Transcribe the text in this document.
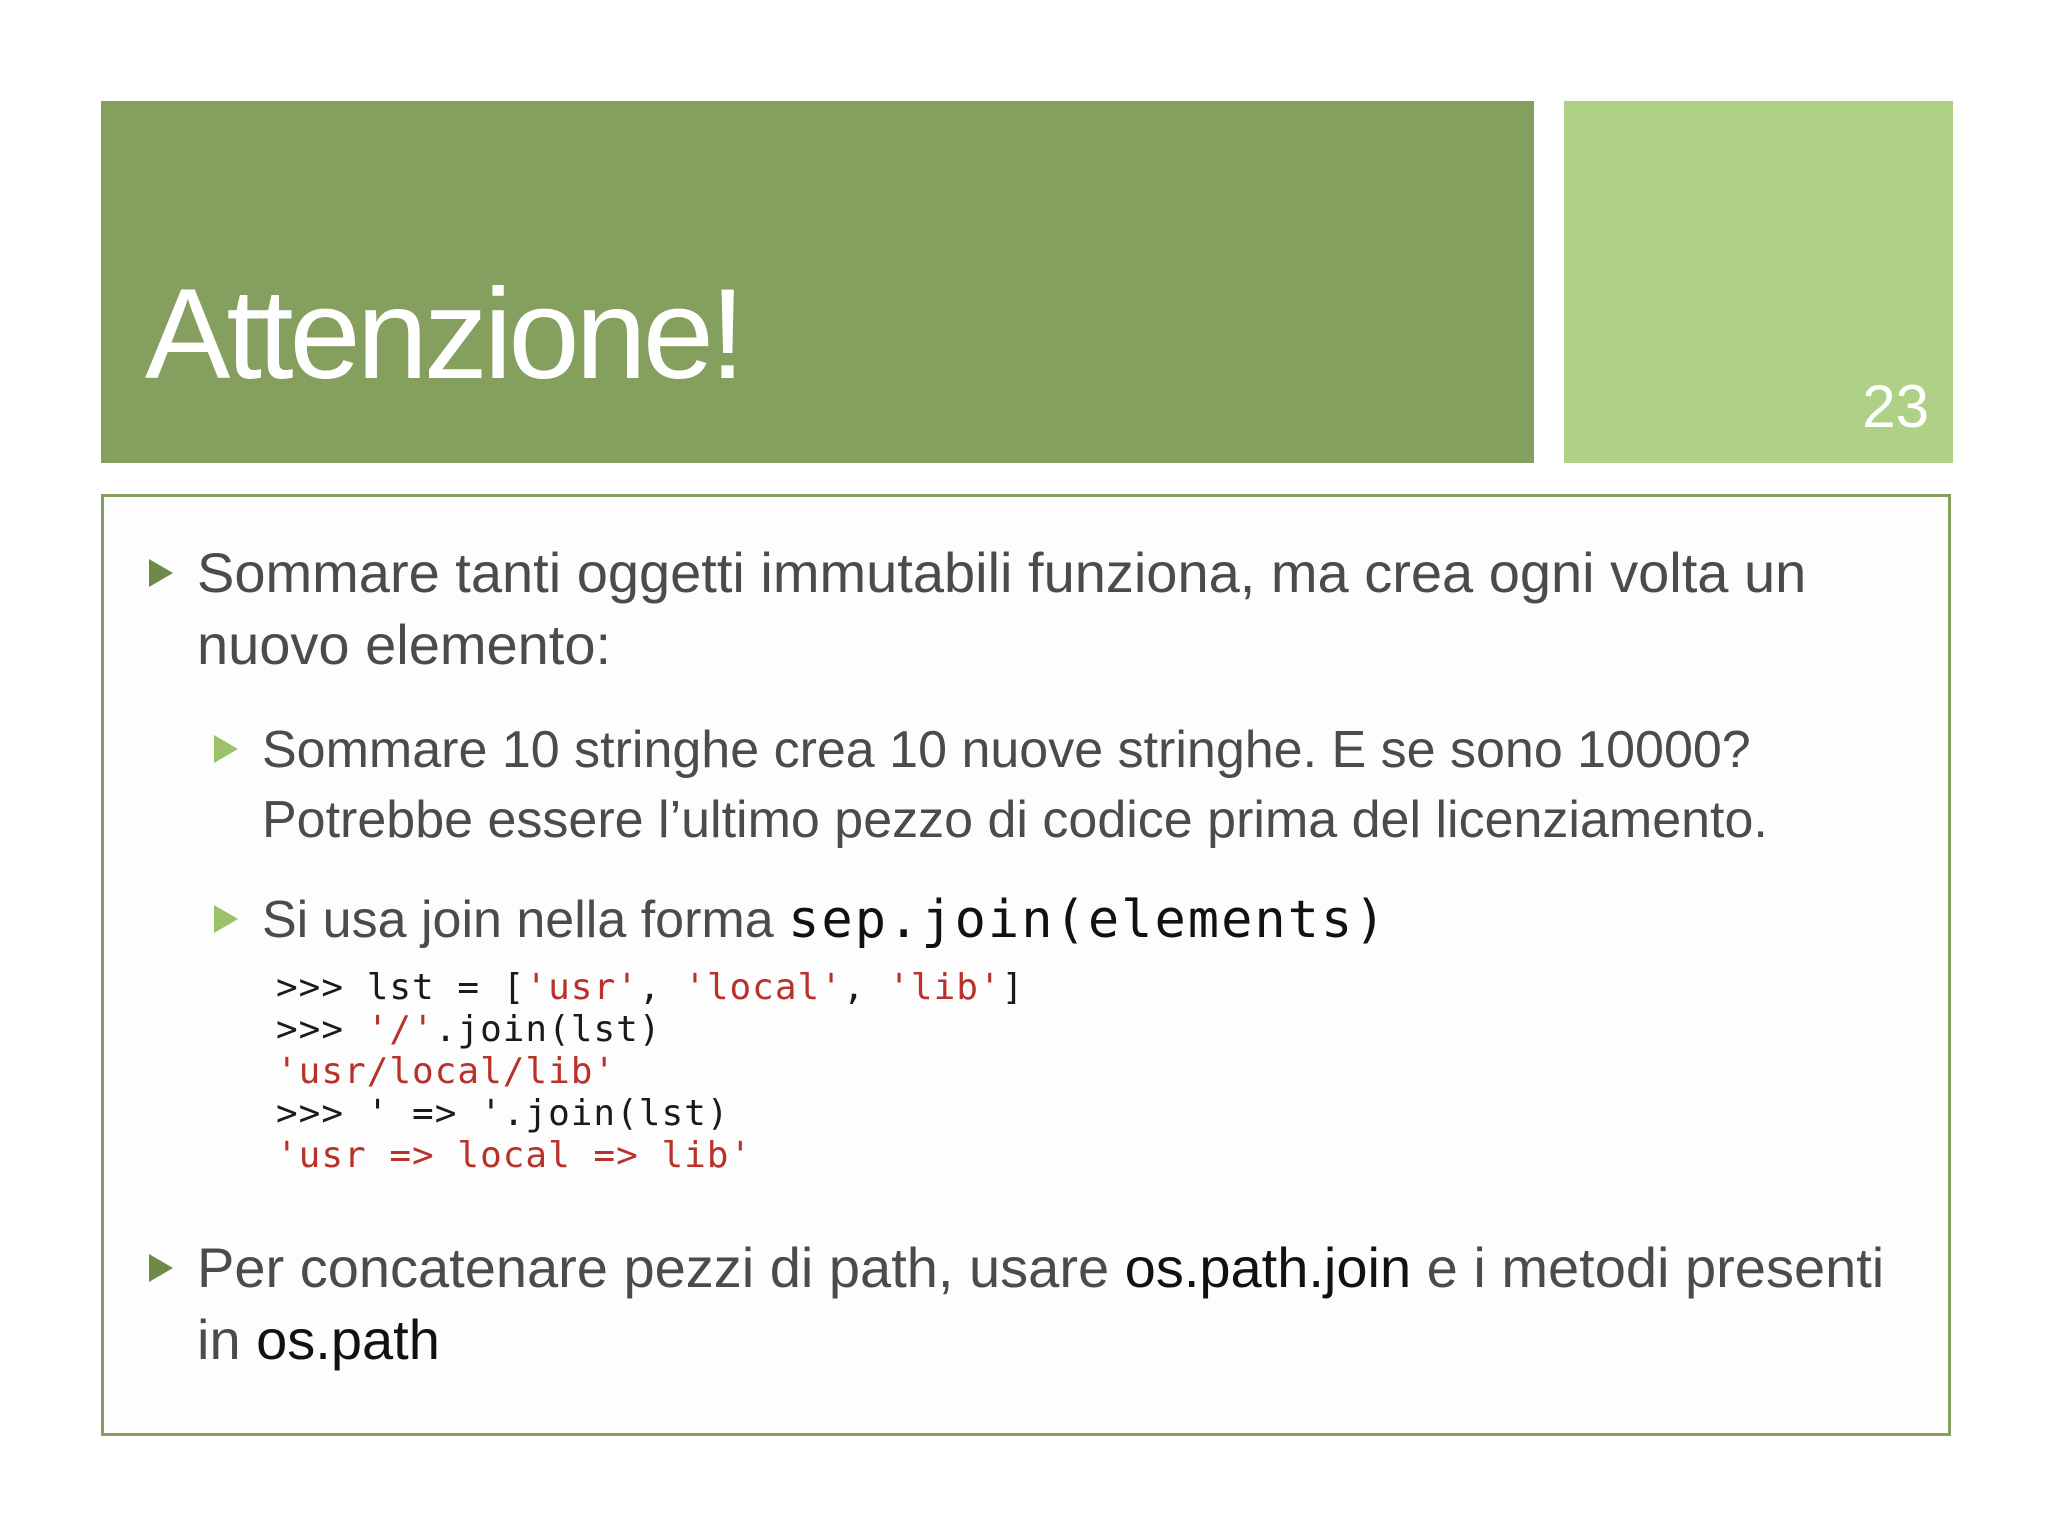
Attenzione!
23
Sommare tanti oggetti immutabili funziona, ma crea ogni volta un nuovo elemento:
Sommare 10 stringhe crea 10 nuove stringhe. E se sono 10000? Potrebbe essere l’ultimo pezzo di codice prima del licenziamento.
Si usa join nella forma sep.join(elements)
>>> lst = ['usr', 'local', 'lib']
>>> '/'.join(lst)
'usr/local/lib'
>>> ' => '.join(lst)
'usr => local => lib'
Per concatenare pezzi di path, usare os.path.join e i metodi presenti in os.path
